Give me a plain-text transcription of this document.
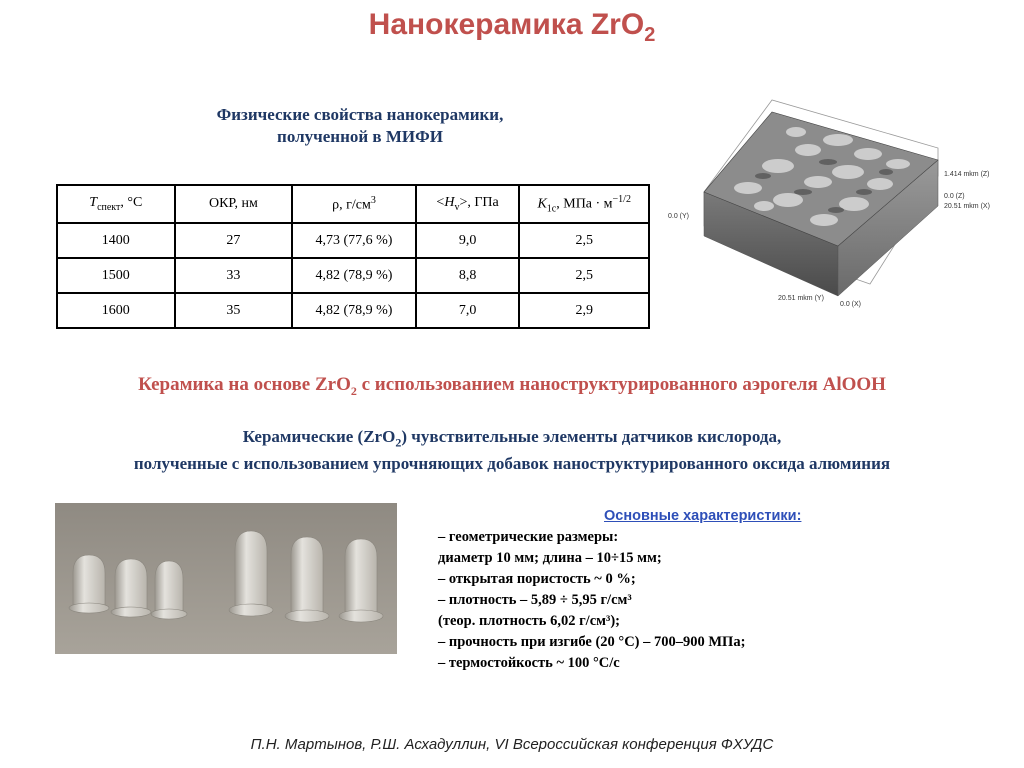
Нанокерамика ZrO$_2$
Физические свойства нанокерамики,
полученной в МИФИ
$T_{спект}$, °С	ОКР, нм	ρ, $г/см^3$	$<H_v>$, ГПа	$K_{1c}$, МПа · $м^{-1/2}$
1400	27	4,73 (77,6 %)	9,0	2,5
1500	33	4,82 (78,9 %)	8,8	2,5
1600	35	4,82 (78,9 %)	7,0	2,9
1.414 mkm (Z)
0.0 (Z)
20.51 mkm (X)
0.0 (Y)
20.51 mkm (Y)
0.0 (X)
Керамика на основе ZrO$_2$ с использованием наноструктурированного аэрогеля AlOOH
Керамические (ZrO$_2$) чувствительные элементы датчиков кислорода,
полученные с использованием упрочняющих добавок наноструктурированного оксида алюминия
Основные характеристики:
– геометрические размеры:
диаметр 10 мм; длина – 10÷15 мм;
– открытая пористость ~ 0 %;
– плотность – 5,89 ÷ 5,95 г/см³
(теор. плотность 6,02 г/см³);
– прочность при изгибе (20 °С) – 700–900 МПа;
– термостойкость ~ 100 °С/с
П.Н. Мартынов, Р.Ш. Асхадуллин, VI Всероссийская конференция ФХУДС
